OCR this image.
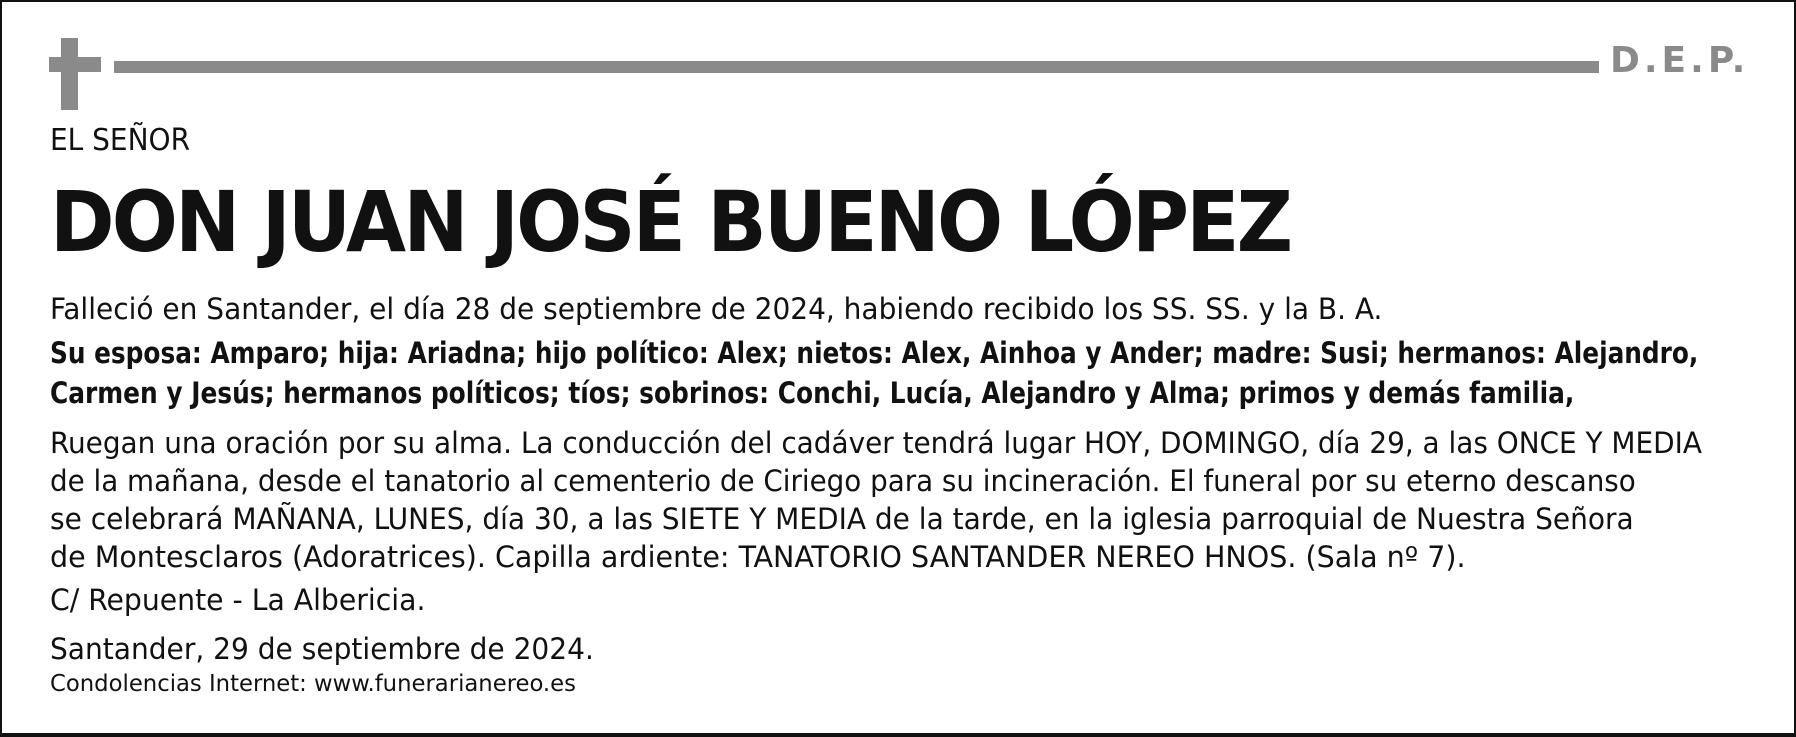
D.E.P.
EL SEÑOR
DON JUAN JOSÉ BUENO LÓPEZ
Falleció en Santander, el día 28 de septiembre de 2024, habiendo recibido los SS. SS. y la B. A.
Su esposa: Amparo; hija: Ariadna; hijo político: Alex; nietos: Alex, Ainhoa y Ander; madre: Susi; hermanos: Alejandro,
Carmen y Jesús; hermanos políticos; tíos; sobrinos: Conchi, Lucía, Alejandro y Alma; primos y demás familia,
Ruegan una oración por su alma. La conducción del cadáver tendrá lugar HOY, DOMINGO, día 29, a las ONCE Y MEDIA
de la mañana, desde el tanatorio al cementerio de Ciriego para su incineración. El funeral por su eterno descanso
se celebrará MAÑANA, LUNES, día 30, a las SIETE Y MEDIA de la tarde, en la iglesia parroquial de Nuestra Señora
de Montesclaros (Adoratrices). Capilla ardiente: TANATORIO SANTANDER NEREO HNOS. (Sala nº 7).
C/ Repuente - La Albericia.
Santander, 29 de septiembre de 2024.
Condolencias Internet: www.funerarianereo.es
